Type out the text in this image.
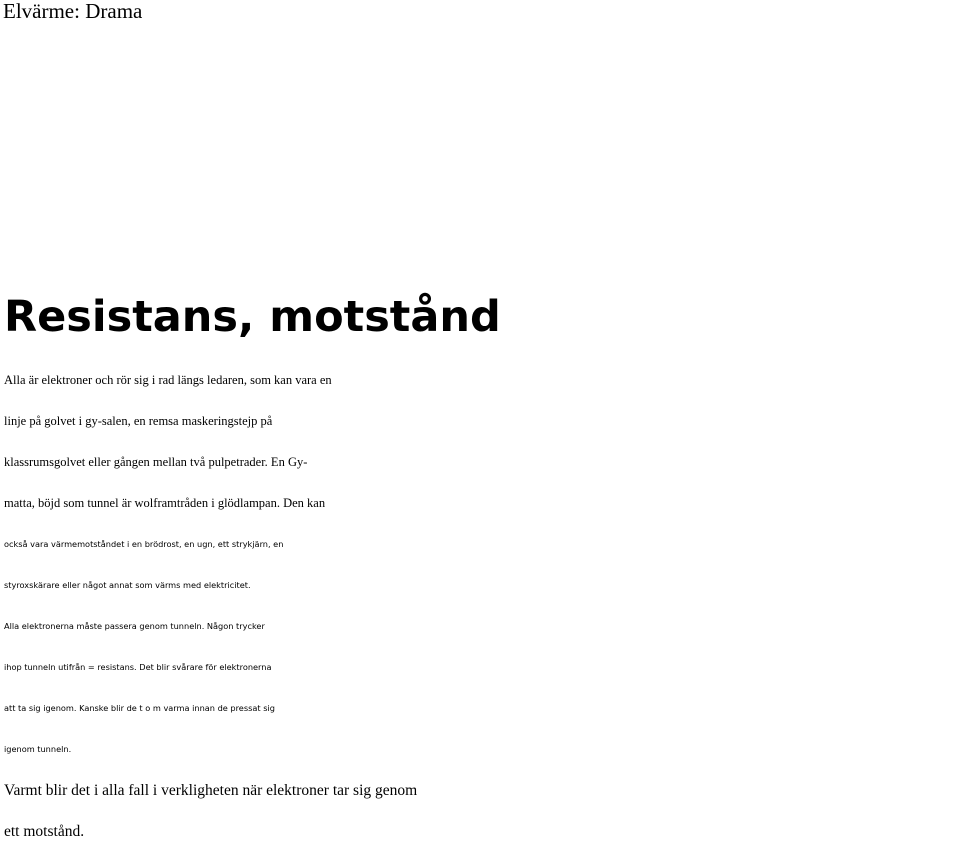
Elvärme: Drama
Resistans, motstånd
Alla är elektroner och rör sig i rad längs ledaren, som kan vara en
linje på golvet i gy-salen, en remsa maskeringstejp på
klassrumsgolvet eller gången mellan två pulpetrader. En Gy-
matta, böjd som tunnel är wolframtråden i glödlampan. Den kan
också vara värmemotståndet i en brödrost, en ugn, ett strykjärn, en
styroxskärare eller något annat som värms med elektricitet.
Alla elektronerna måste passera genom tunneln. Någon trycker
ihop tunneln utifrån = resistans. Det blir svårare för elektronerna
att ta sig igenom. Kanske blir de t o m varma innan de pressat sig
igenom tunneln.
Varmt blir det i alla fall i verkligheten när elektroner tar sig genom
ett motstånd.
